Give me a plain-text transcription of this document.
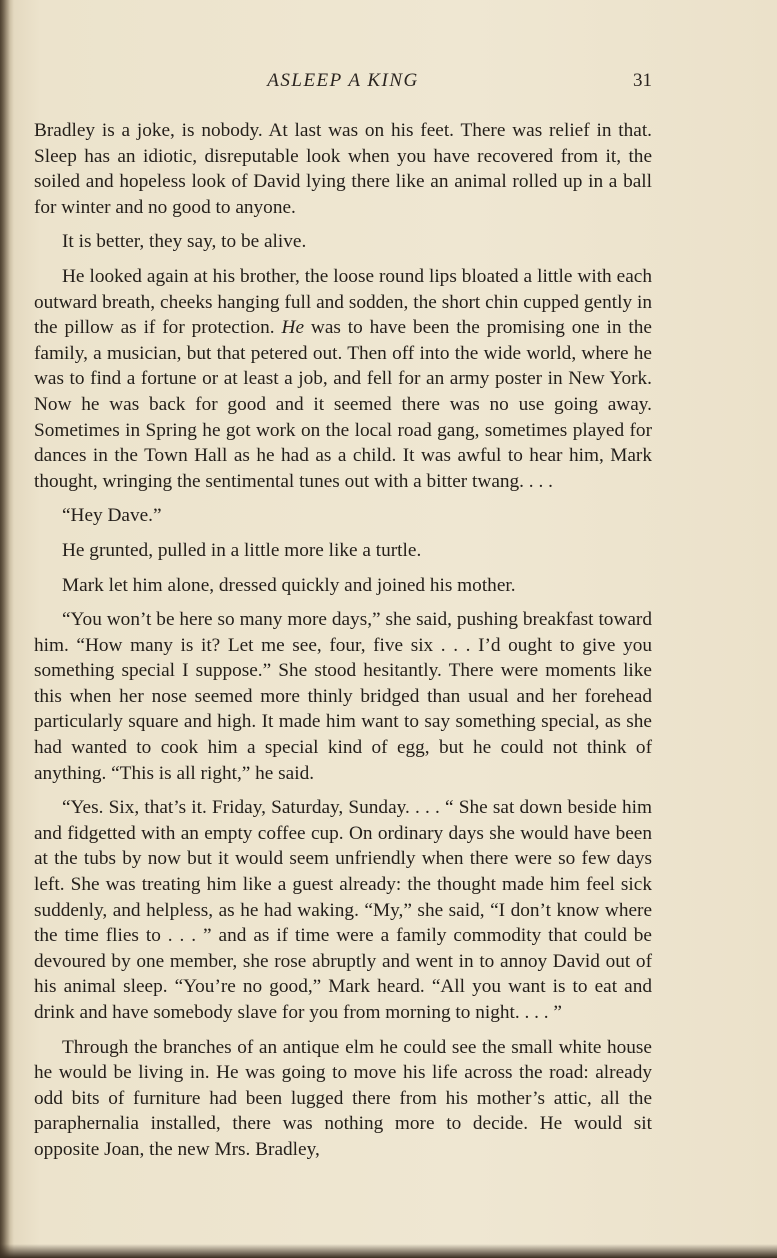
ASLEEP A KING	31

Bradley is a joke, is nobody. At last was on his feet. There was relief in that. Sleep has an idiotic, disreputable look when you have recovered from it, the soiled and hopeless look of David lying there like an animal rolled up in a ball for winter and no good to anyone.

It is better, they say, to be alive.

He looked again at his brother, the loose round lips bloated a little with each outward breath, cheeks hanging full and sodden, the short chin cupped gently in the pillow as if for protection. He was to have been the promising one in the family, a musician, but that petered out. Then off into the wide world, where he was to find a fortune or at least a job, and fell for an army poster in New York. Now he was back for good and it seemed there was no use going away. Sometimes in Spring he got work on the local road gang, sometimes played for dances in the Town Hall as he had as a child. It was awful to hear him, Mark thought, wringing the sentimental tunes out with a bitter twang. . . .

“Hey Dave.”

He grunted, pulled in a little more like a turtle.

Mark let him alone, dressed quickly and joined his mother.

“You won’t be here so many more days,” she said, pushing breakfast toward him. “How many is it? Let me see, four, five six . . . I’d ought to give you something special I suppose.” She stood hesitantly. There were moments like this when her nose seemed more thinly bridged than usual and her forehead particularly square and high. It made him want to say something special, as she had wanted to cook him a special kind of egg, but he could not think of anything. “This is all right,” he said.

“Yes. Six, that’s it. Friday, Saturday, Sunday. . . . “ She sat down beside him and fidgetted with an empty coffee cup. On ordinary days she would have been at the tubs by now but it would seem unfriendly when there were so few days left. She was treating him like a guest already: the thought made him feel sick suddenly, and helpless, as he had waking. “My,” she said, “I don’t know where the time flies to . . . ” and as if time were a family commodity that could be devoured by one member, she rose abruptly and went in to annoy David out of his animal sleep. “You’re no good,” Mark heard. “All you want is to eat and drink and have somebody slave for you from morning to night. . . . ”

Through the branches of an antique elm he could see the small white house he would be living in. He was going to move his life across the road: already odd bits of furniture had been lugged there from his mother’s attic, all the paraphernalia installed, there was nothing more to decide. He would sit opposite Joan, the new Mrs. Bradley,
